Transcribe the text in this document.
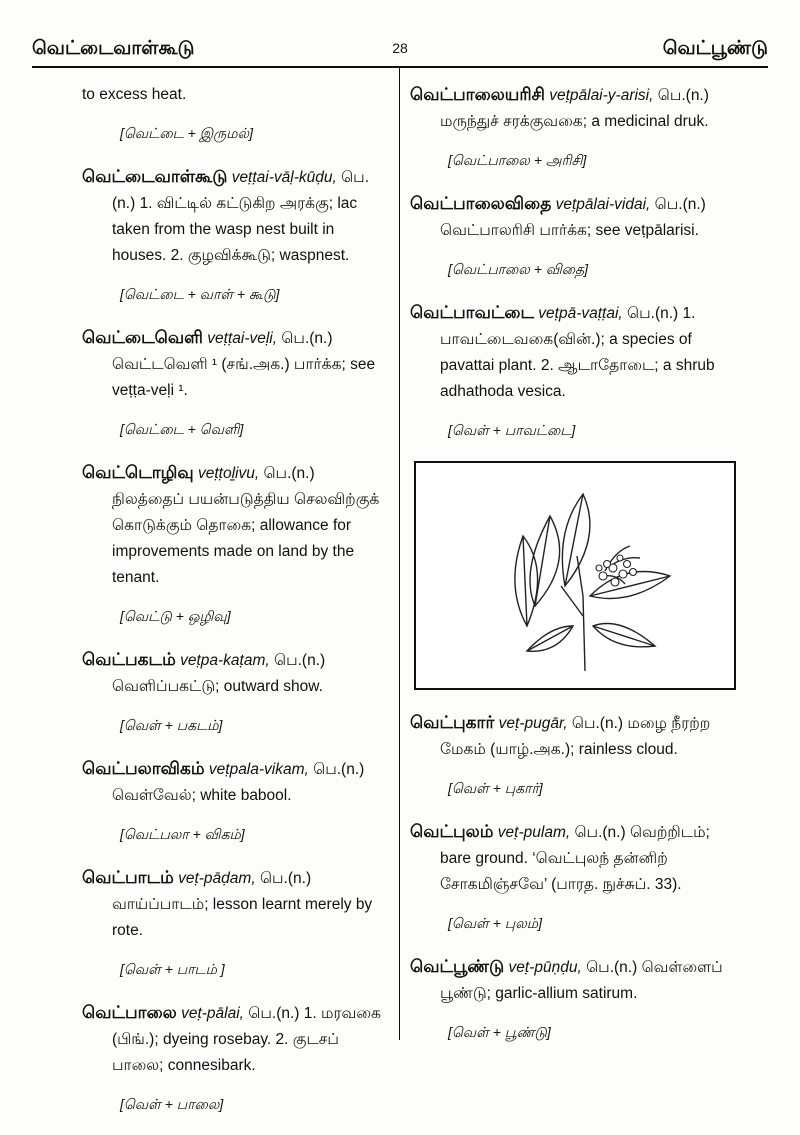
வெட்டைவாள்கூடு	28	வெட்பூண்டு
to excess heat.
[வெட்டை + இருமல்]
வெட்டைவாள்கூடு veṭṭai-vāḷ-kūḍu, பெ.(n.) 1. விட்டில் கட்டுகிற அரக்கு; lac taken from the wasp nest built in houses. 2. குழவிக்கூடு; waspnest.
[வெட்டை + வாள் + கூடு]
வெட்டைவெளி veṭṭai-veḷi, பெ.(n.) வெட்டவெளி ¹ (சங்.அக.) பார்க்க; see veṭṭa-veḷi ¹.
[வெட்டை + வெளி]
வெட்டொழிவு veṭṭoḻivu, பெ.(n.) நிலத்தைப் பயன்படுத்திய செலவிற்குக் கொடுக்கும் தொகை; allowance for improvements made on land by the tenant.
[வெட்டு + ஒழிவு]
வெட்பகடம் veṭpa-kaṭam, பெ.(n.) வெளிப்பகட்டு; outward show.
[வெள் + பகடம்]
வெட்பலாவிகம் veṭpala-vikam, பெ.(n.) வெள்வேல்; white babool.
[வெட்பலா + விகம்]
வெட்பாடம் veṭ-pāḍam, பெ.(n.) வாய்ப்பாடம்; lesson learnt merely by rote.
[வெள் + பாடம் ]
வெட்பாலை veṭ-pālai, பெ.(n.) 1. மரவகை (பிங்.); dyeing rosebay. 2. குடசப் பாலை; connesibark.
[வெள் + பாலை]
வெட்பாலையரிசி veṭpālai-y-arisi, பெ.(n.) மருந்துச் சரக்குவகை; a medicinal druk.
[வெட்பாலை + அரிசி]
வெட்பாலைவிதை veṭpālai-vidai, பெ.(n.) வெட்பாலரிசி பார்க்க; see veṭpālarisi.
[வெட்பாலை + விதை]
வெட்பாவட்டை veṭpā-vaṭṭai, பெ.(n.) 1. பாவட்டைவகை(வின்.); a species of pavattai plant. 2. ஆடாதோடை; a shrub adhathoda vesica.
[வெள் + பாவட்டை]
வெட்புகார் veṭ-pugār, பெ.(n.) மழை நீரற்ற மேகம் (யாழ்.அக.); rainless cloud.
[வெள் + புகார்]
வெட்புலம் veṭ-pulam, பெ.(n.) வெற்றிடம்; bare ground. ‘வெட்புலந் தன்னிற் சோகமிஞ்சவே’ (பாரத. நுச்சுப். 33).
[வெள் + புலம்]
வெட்பூண்டு veṭ-pūṇḍu, பெ.(n.) வெள்ளைப் பூண்டு; garlic-allium satirum.
[வெள் + பூண்டு]
